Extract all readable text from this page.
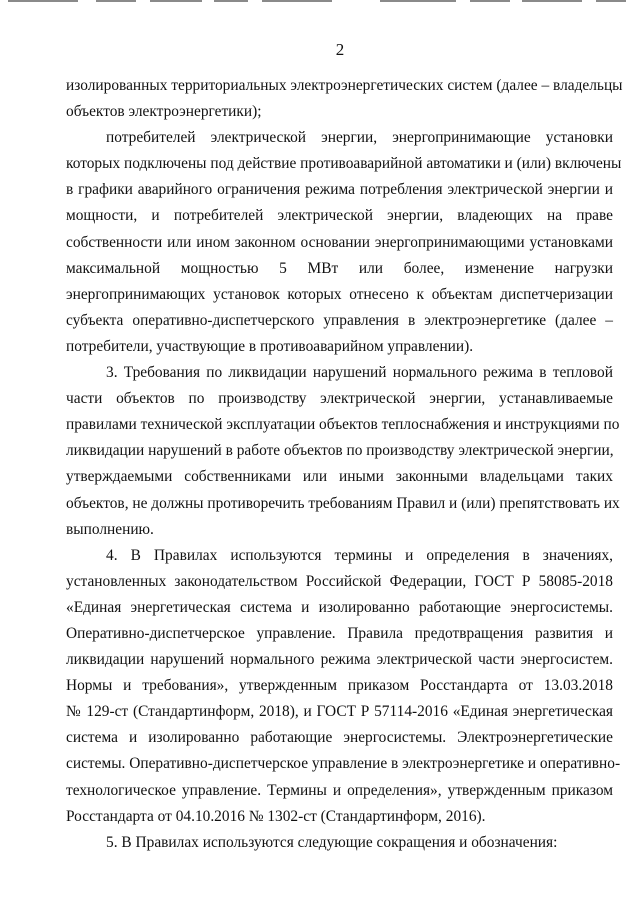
2
изолированных территориальных электроэнергетических систем (далее – владельцы
объектов электроэнергетики);
потребителей электрической энергии, энергопринимающие установки
которых подключены под действие противоаварийной автоматики и (или) включены
в графики аварийного ограничения режима потребления электрической энергии и
мощности, и потребителей электрической энергии, владеющих на праве
собственности или ином законном основании энергопринимающими установками
максимальной мощностью 5 МВт или более, изменение нагрузки
энергопринимающих установок которых отнесено к объектам диспетчеризации
субъекта оперативно-диспетчерского управления в электроэнергетике (далее –
потребители, участвующие в противоаварийном управлении).
3. Требования по ликвидации нарушений нормального режима в тепловой
части объектов по производству электрической энергии, устанавливаемые
правилами технической эксплуатации объектов теплоснабжения и инструкциями по
ликвидации нарушений в работе объектов по производству электрической энергии,
утверждаемыми собственниками или иными законными владельцами таких
объектов, не должны противоречить требованиям Правил и (или) препятствовать их
выполнению.
4. В Правилах используются термины и определения в значениях,
установленных законодательством Российской Федерации, ГОСТ Р 58085-2018
«Единая энергетическая система и изолированно работающие энергосистемы.
Оперативно-диспетчерское управление. Правила предотвращения развития и
ликвидации нарушений нормального режима электрической части энергосистем.
Нормы и требования», утвержденным приказом Росстандарта от 13.03.2018
№ 129-ст (Стандартинформ, 2018), и ГОСТ Р 57114-2016 «Единая энергетическая
система и изолированно работающие энергосистемы. Электроэнергетические
системы. Оперативно-диспетчерское управление в электроэнергетике и оперативно-
технологическое управление. Термины и определения», утвержденным приказом
Росстандарта от 04.10.2016 № 1302-ст (Стандартинформ, 2016).
5. В Правилах используются следующие сокращения и обозначения:
